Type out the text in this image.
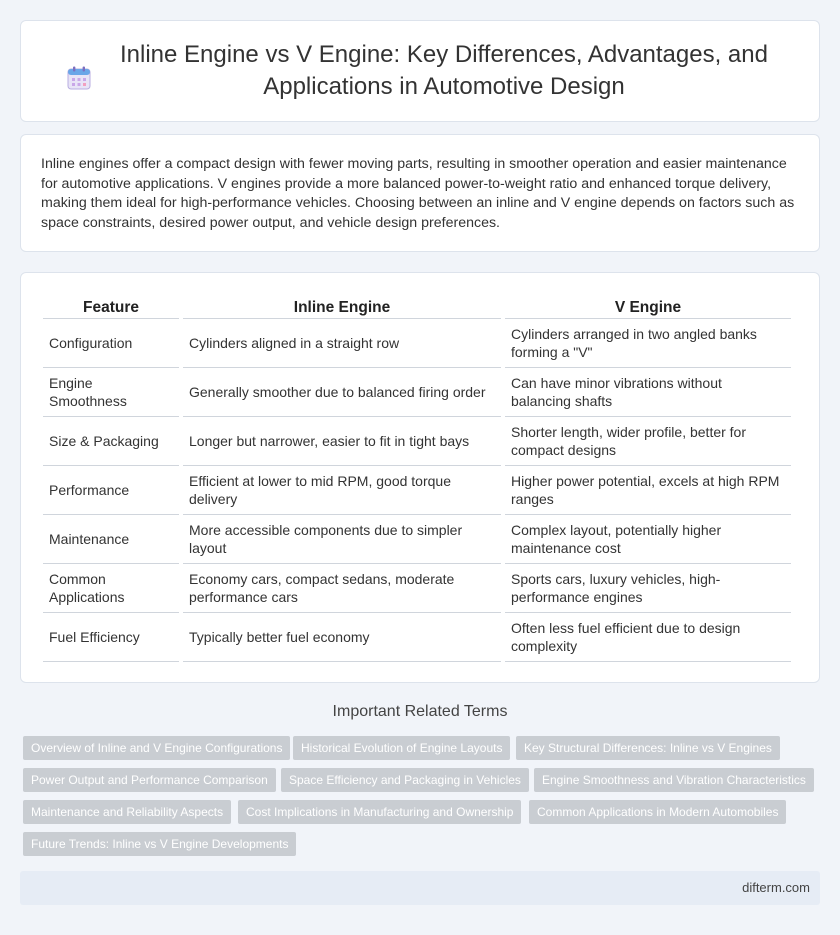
Inline Engine vs V Engine: Key Differences, Advantages, and Applications in Automotive Design

Inline engines offer a compact design with fewer moving parts, resulting in smoother operation and easier maintenance for automotive applications. V engines provide a more balanced power-to-weight ratio and enhanced torque delivery, making them ideal for high-performance vehicles. Choosing between an inline and V engine depends on factors such as space constraints, desired power output, and vehicle design preferences.

Feature	Inline Engine	V Engine
Configuration	Cylinders aligned in a straight row	Cylinders arranged in two angled banks forming a "V"
Engine Smoothness	Generally smoother due to balanced firing order	Can have minor vibrations without balancing shafts
Size & Packaging	Longer but narrower, easier to fit in tight bays	Shorter length, wider profile, better for compact designs
Performance	Efficient at lower to mid RPM, good torque delivery	Higher power potential, excels at high RPM ranges
Maintenance	More accessible components due to simpler layout	Complex layout, potentially higher maintenance cost
Common Applications	Economy cars, compact sedans, moderate performance cars	Sports cars, luxury vehicles, high-performance engines
Fuel Efficiency	Typically better fuel economy	Often less fuel efficient due to design complexity
Important Related Terms
Overview of Inline and V Engine Configurations	Historical Evolution of Engine Layouts	Key Structural Differences: Inline vs V Engines
Power Output and Performance Comparison	Space Efficiency and Packaging in Vehicles	Engine Smoothness and Vibration Characteristics
Maintenance and Reliability Aspects	Cost Implications in Manufacturing and Ownership	Common Applications in Modern Automobiles
Future Trends: Inline vs V Engine Developments
difterm.com
